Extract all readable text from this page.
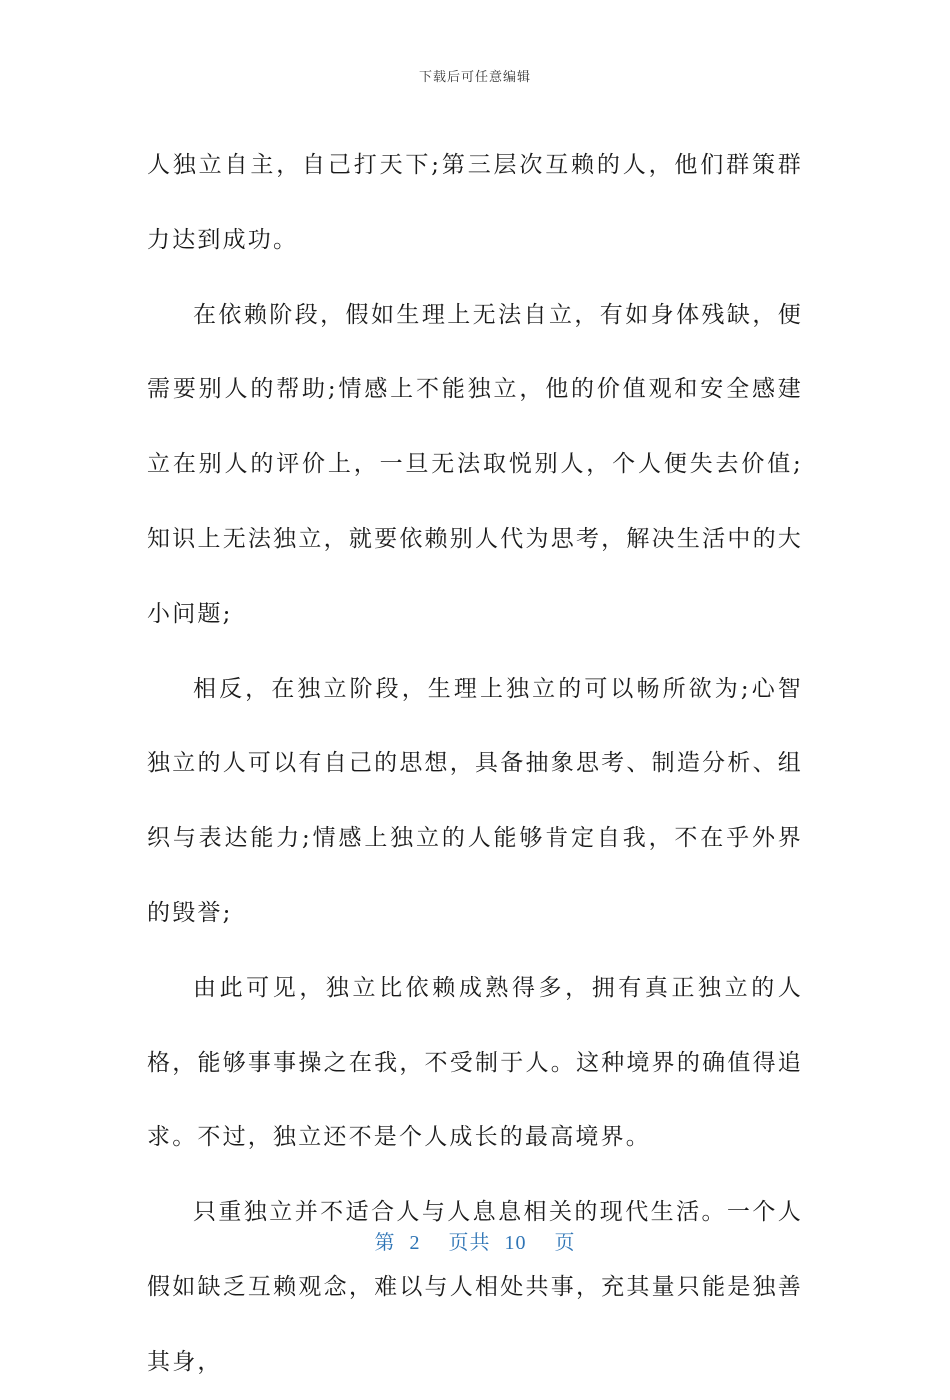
下载后可任意编辑

人独立自主，自己打天下;第三层次互赖的人，他们群策群力达到成功。

在依赖阶段，假如生理上无法自立，有如身体残缺，便需要别人的帮助;情感上不能独立，他的价值观和安全感建立在别人的评价上，一旦无法取悦别人，个人便失去价值;知识上无法独立，就要依赖别人代为思考，解决生活中的大小问题;

相反，在独立阶段，生理上独立的可以畅所欲为;心智独立的人可以有自己的思想，具备抽象思考、制造分析、组织与表达能力;情感上独立的人能够肯定自我，不在乎外界的毁誉;

由此可见，独立比依赖成熟得多，拥有真正独立的人格，能够事事操之在我，不受制于人。这种境界的确值得追求。不过，独立还不是个人成长的最高境界。

只重独立并不适合人与人息息相关的现代生活。一个人假如缺乏互赖观念，难以与人相处共事，充其量只能是独善其身，

第 2 页共 10 页
